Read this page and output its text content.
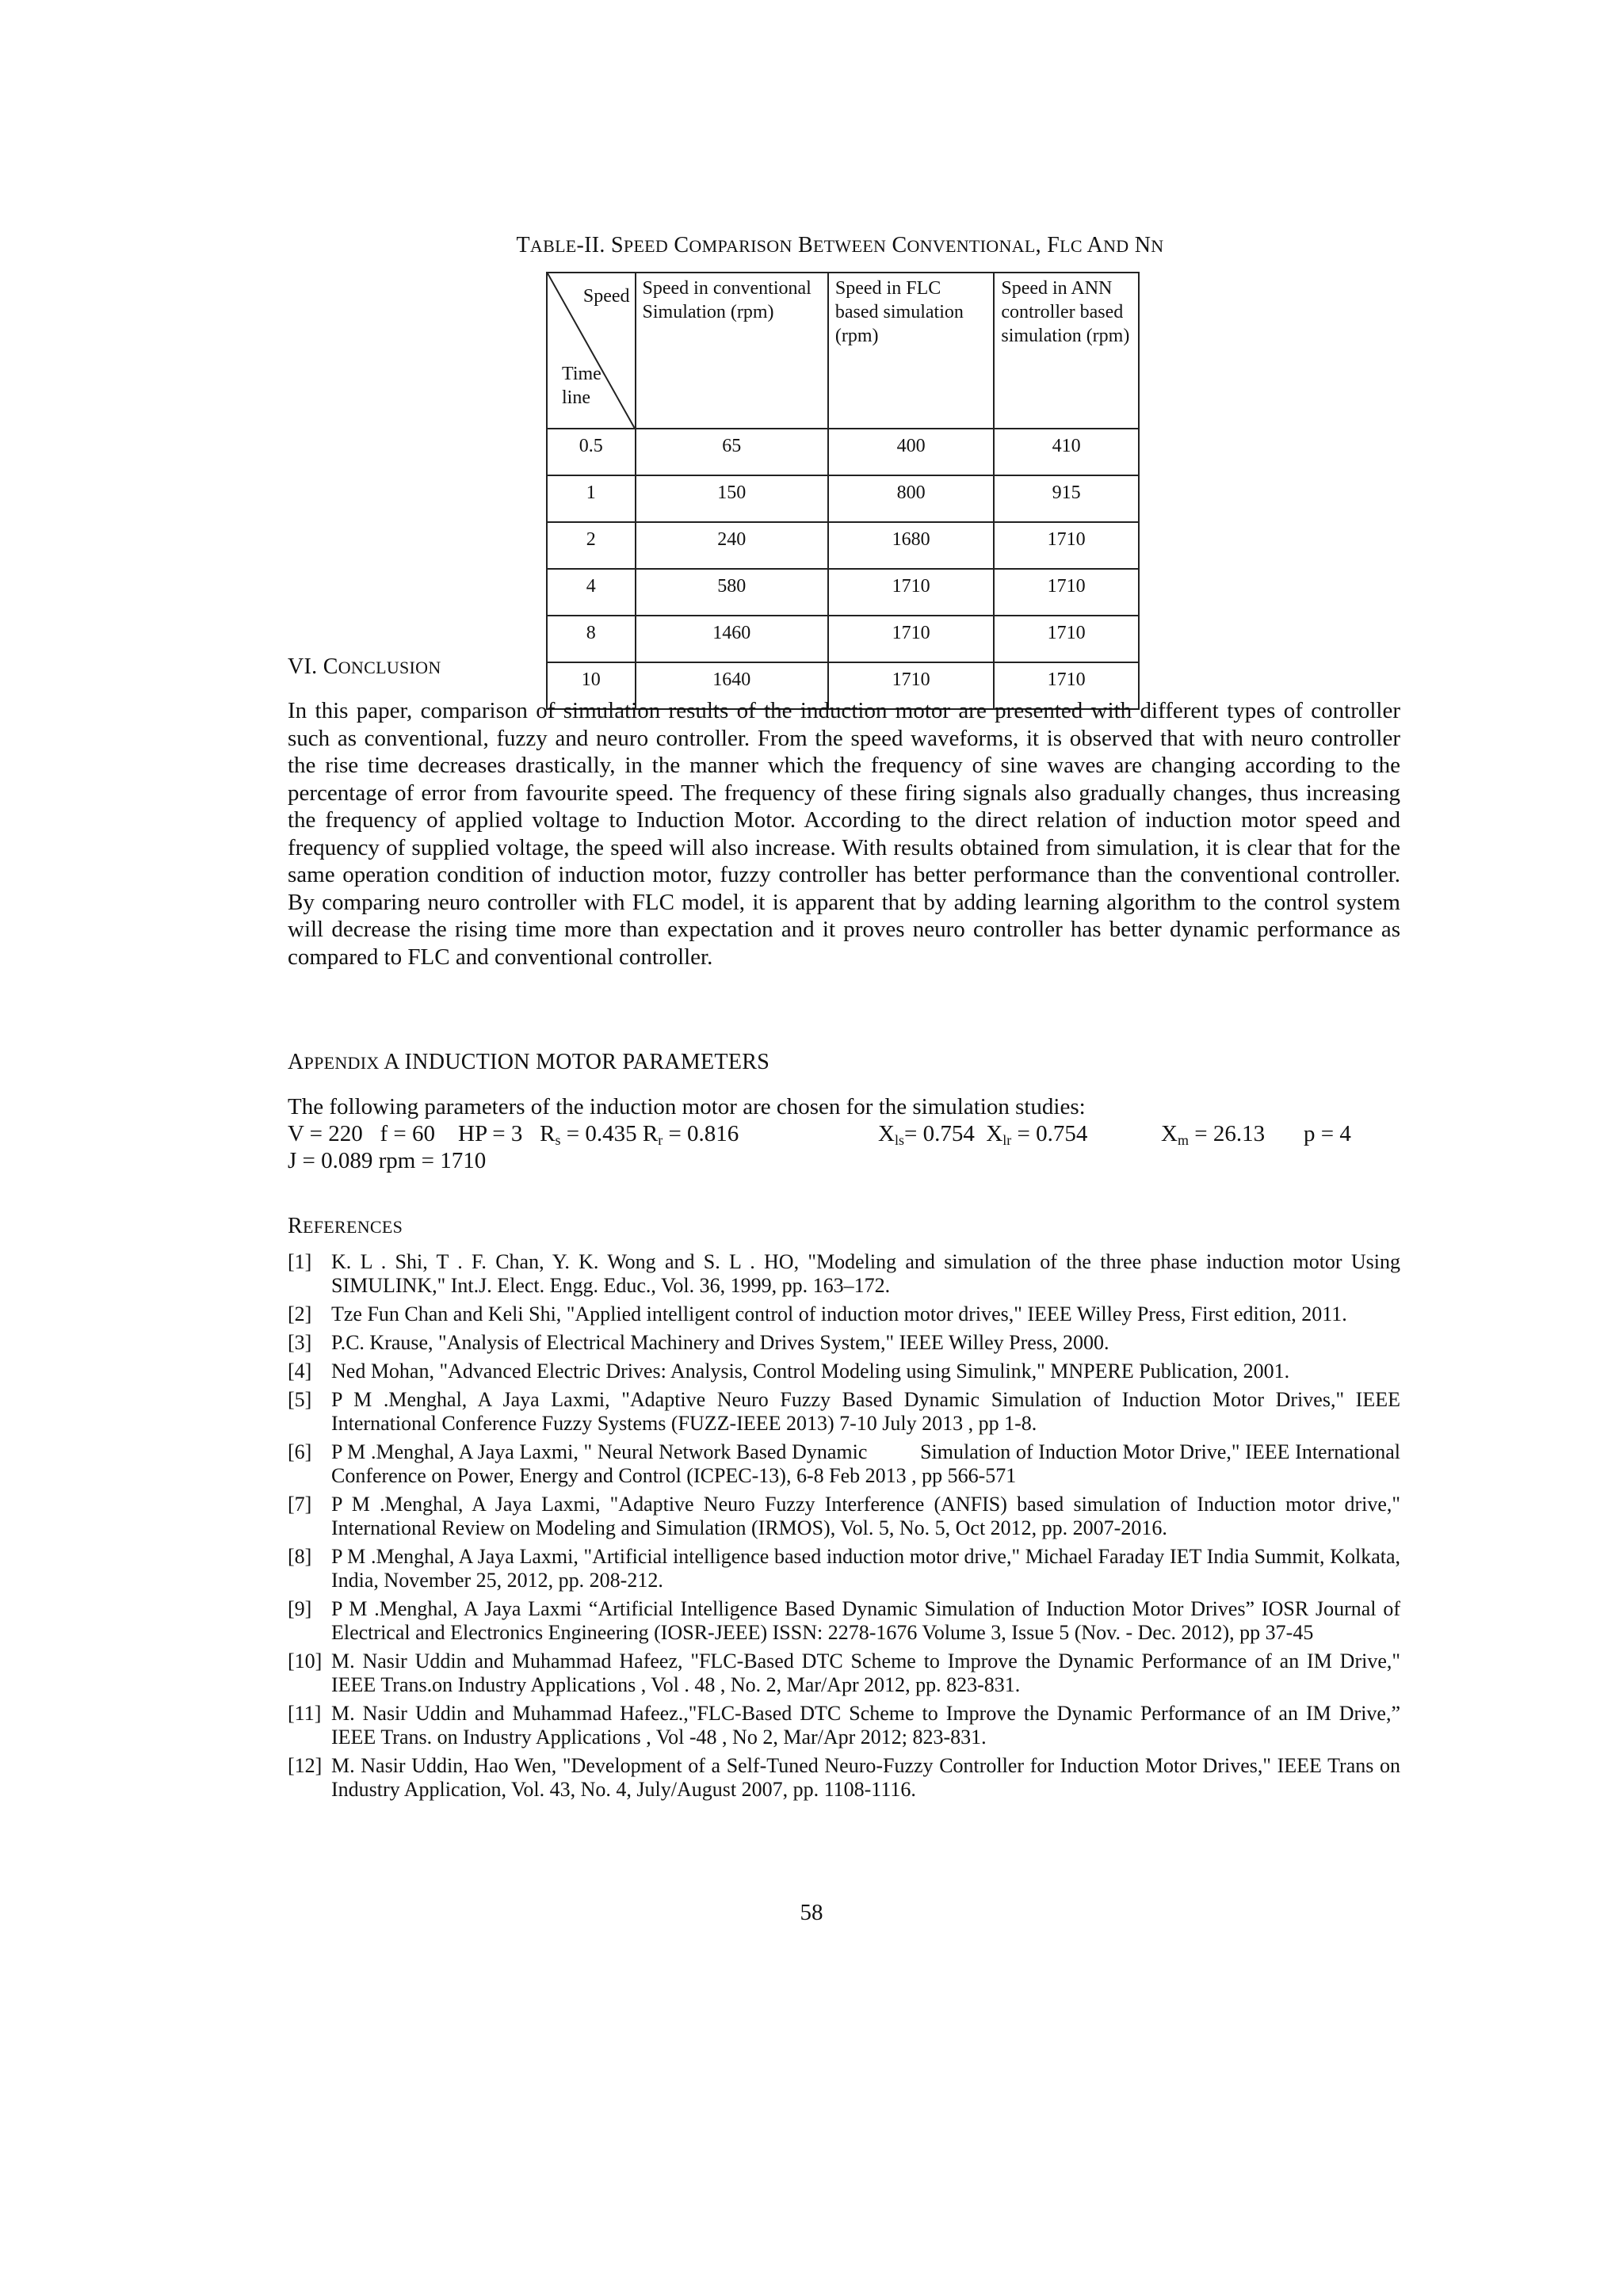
TABLE-II. SPEED COMPARISON BETWEEN CONVENTIONAL, FLC AND NN
Speed
Time line	Speed in conventional Simulation (rpm)	Speed in FLC based simulation (rpm)	Speed in ANN controller based simulation (rpm)
0.5	65	400	410
1	150	800	915
2	240	1680	1710
4	580	1710	1710
8	1460	1710	1710
10	1640	1710	1710
VI. CONCLUSION

In this paper, comparison of simulation results of the induction motor are presented with different types of controller such as conventional, fuzzy and neuro controller. From the speed waveforms, it is observed that with neuro controller the rise time decreases drastically, in the manner which the frequency of sine waves are changing according to the percentage of error from favourite speed. The frequency of these firing signals also gradually changes, thus increasing the frequency of applied voltage to Induction Motor. According to the direct relation of induction motor speed and frequency of supplied voltage, the speed will also increase. With results obtained from simulation, it is clear that for the same operation condition of induction motor, fuzzy controller has better performance than the conventional controller. By comparing neuro controller with FLC model, it is apparent that by adding learning algorithm to the control system will decrease the rising time more than expectation and it proves neuro controller has better dynamic performance as compared to FLC and conventional controller.

APPENDIX A INDUCTION MOTOR PARAMETERS
The following parameters of the induction motor are chosen for the simulation studies:
V = 220   f = 60    HP = 3   $R_s = 0.435$ $R_r = 0.816$	$X_{ls}= 0.754$  $X_{lr} = 0.754$	$X_m = 26.13$	p = 4
J = 0.089 rpm = 1710
REFERENCES
[1] K. L . Shi, T . F. Chan, Y. K. Wong and S. L . HO, "Modeling and simulation of the three phase induction motor Using SIMULINK," Int.J. Elect. Engg. Educ., Vol. 36, 1999, pp. 163–172.
[2] Tze Fun Chan and Keli Shi, "Applied intelligent control of induction motor drives," IEEE Willey Press, First edition, 2011.
[3] P.C. Krause, "Analysis of Electrical Machinery and Drives System," IEEE Willey Press, 2000.
[4] Ned Mohan, "Advanced Electric Drives: Analysis, Control Modeling using Simulink," MNPERE Publication, 2001.
[5] P M .Menghal, A Jaya Laxmi, "Adaptive Neuro Fuzzy Based Dynamic Simulation of Induction Motor Drives," IEEE International Conference Fuzzy Systems (FUZZ-IEEE 2013) 7-10 July 2013 , pp 1-8.
[6] P M .Menghal, A Jaya Laxmi, " Neural Network Based Dynamic          Simulation of Induction Motor Drive," IEEE International Conference on Power, Energy and Control (ICPEC-13), 6-8 Feb 2013 , pp 566-571
[7] P M .Menghal, A Jaya Laxmi, "Adaptive Neuro Fuzzy Interference (ANFIS) based simulation of Induction motor drive," International Review on Modeling and Simulation (IRMOS), Vol. 5, No. 5, Oct 2012, pp. 2007-2016.
[8] P M .Menghal, A Jaya Laxmi, "Artificial intelligence based induction motor drive," Michael Faraday IET India Summit, Kolkata, India, November 25, 2012, pp. 208-212.
[9] P M .Menghal, A Jaya Laxmi “Artificial Intelligence Based Dynamic Simulation of Induction Motor Drives” IOSR Journal of Electrical and Electronics Engineering (IOSR-JEEE) ISSN: 2278-1676 Volume 3, Issue 5 (Nov. - Dec. 2012), pp 37-45
[10] M. Nasir Uddin and Muhammad Hafeez, "FLC-Based DTC Scheme to Improve the Dynamic Performance of an IM Drive," IEEE Trans.on Industry Applications , Vol . 48 , No. 2, Mar/Apr 2012, pp. 823-831.
[11] M. Nasir Uddin and Muhammad Hafeez.,"FLC-Based DTC Scheme to Improve the Dynamic Performance of an IM Drive,” IEEE Trans. on Industry Applications , Vol -48 , No 2, Mar/Apr 2012; 823-831.
[12] M. Nasir Uddin, Hao Wen, "Development of a Self-Tuned Neuro-Fuzzy Controller for Induction Motor Drives," IEEE Trans on Industry Application, Vol. 43, No. 4, July/August 2007, pp. 1108-1116.
58
